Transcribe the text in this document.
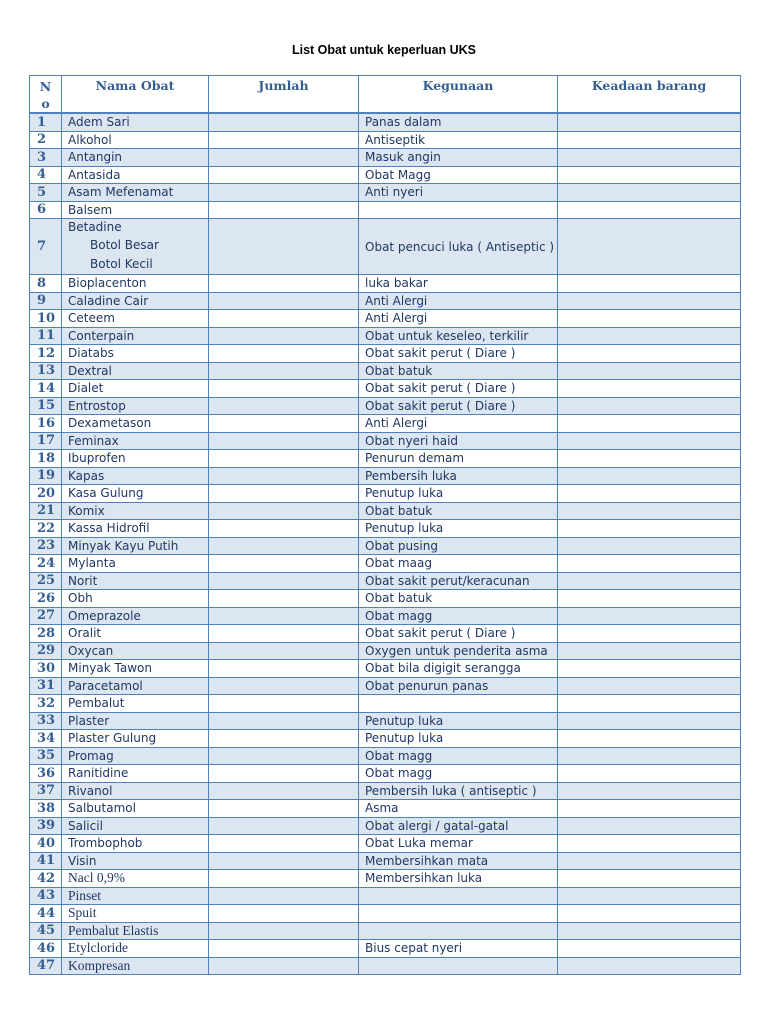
List Obat untuk keperluan UKS
N
o	Nama Obat	Jumlah	Kegunaan	Keadaan barang
1	Adem Sari		Panas dalam	
2	Alkohol		Antiseptik	
3	Antangin		Masuk angin	
4	Antasida		Obat Magg	
5	Asam Mefenamat		Anti nyeri	
6	Balsem			
7	Betadine
Botol Besar
Botol Kecil		Obat pencuci luka ( Antiseptic )	
8	Bioplacenton		luka bakar	
9	Caladine Cair		Anti Alergi	
10	Ceteem		Anti Alergi	
11	Conterpain		Obat untuk keseleo, terkilir	
12	Diatabs		Obat sakit perut ( Diare )	
13	Dextral		Obat batuk	
14	Dialet		Obat sakit perut ( Diare )	
15	Entrostop		Obat sakit perut ( Diare )	
16	Dexametason		Anti Alergi	
17	Feminax		Obat nyeri haid	
18	Ibuprofen		Penurun demam	
19	Kapas		Pembersih luka	
20	Kasa Gulung		Penutup luka	
21	Komix		Obat batuk	
22	Kassa Hidrofil		Penutup luka	
23	Minyak Kayu Putih		Obat pusing	
24	Mylanta		Obat maag	
25	Norit		Obat sakit perut/keracunan	
26	Obh		Obat batuk	
27	Omeprazole		Obat magg	
28	Oralit		Obat sakit perut ( Diare )	
29	Oxycan		Oxygen untuk penderita asma	
30	Minyak Tawon		Obat bila digigit serangga	
31	Paracetamol		Obat penurun panas	
32	Pembalut			
33	Plaster		Penutup luka	
34	Plaster Gulung		Penutup luka	
35	Promag		Obat magg	
36	Ranitidine		Obat magg	
37	Rivanol		Pembersih luka ( antiseptic )	
38	Salbutamol		Asma	
39	Salicil		Obat alergi / gatal-gatal	
40	Trombophob		Obat Luka memar	
41	Visin		Membersihkan mata	
42	Nacl 0,9%		Membersihkan luka	
43	Pinset			
44	Spuit			
45	Pembalut Elastis			
46	Etylcloride		Bius cepat nyeri	
47	Kompresan			
